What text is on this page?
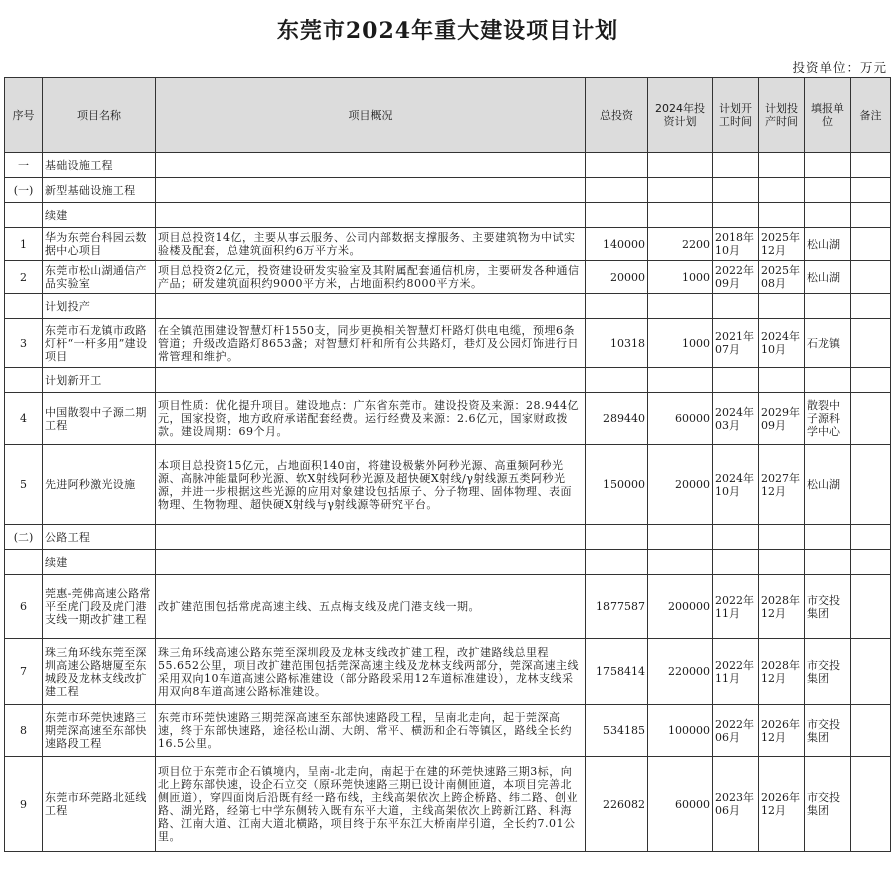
东莞市2024年重大建设项目计划
投资单位：万元
序号	项目名称	项目概况	总投资	2024年投资计划	计划开工时间	计划投产时间	填报单位	备注
一	基础设施工程							
(一)	新型基础设施工程							
	续建							
1	华为东莞台科园云数据中心项目	项目总投资14亿，主要从事云服务、公司内部数据支撑服务、主要建筑物为中试实验楼及配套，总建筑面积约6万平方米。	140000	2200	2018年10月	2025年12月	松山湖	
2	东莞市松山湖通信产品实验室	项目总投资2亿元，投资建设研发实验室及其附属配套通信机房，主要研发各种通信产品；研发建筑面积约9000平方米，占地面积约8000平方米。	20000	1000	2022年09月	2025年08月	松山湖	
	计划投产							
3	东莞市石龙镇市政路灯杆“一杆多用”建设项目	在全镇范围建设智慧灯杆1550支，同步更换相关智慧灯杆路灯供电电缆，预埋6条管道；升级改造路灯8653盏；对智慧灯杆和所有公共路灯，巷灯及公园灯饰进行日常管理和维护。	10318	1000	2021年07月	2024年10月	石龙镇	
	计划新开工							
4	中国散裂中子源二期工程	项目性质：优化提升项目。建设地点：广东省东莞市。建设投资及来源：28.944亿元，国家投资，地方政府承诺配套经费。运行经费及来源：2.6亿元，国家财政拨款。建设周期：69个月。	289440	60000	2024年03月	2029年09月	散裂中子源科学中心	
5	先进阿秒激光设施	本项目总投资15亿元，占地面积140亩，将建设极紫外阿秒光源、高重频阿秒光源、高脉冲能量阿秒光源、软X射线阿秒光源及超快硬X射线/γ射线源五类阿秒光源，并进一步根据这些光源的应用对象建设包括原子、分子物理、固体物理、表面物理、生物物理、超快硬X射线与γ射线源等研究平台。	150000	20000	2024年10月	2027年12月	松山湖	
(二)	公路工程							
	续建							
6	莞惠-莞佛高速公路常平至虎门段及虎门港支线一期改扩建工程	改扩建范围包括常虎高速主线、五点梅支线及虎门港支线一期。	1877587	200000	2022年11月	2028年12月	市交投集团	
7	珠三角环线东莞至深圳高速公路塘厦至东城段及龙林支线改扩建工程	珠三角环线高速公路东莞至深圳段及龙林支线改扩建工程，改扩建路线总里程55.652公里，项目改扩建范围包括莞深高速主线及龙林支线两部分，莞深高速主线采用双向10车道高速公路标准建设（部分路段采用12车道标准建设），龙林支线采用双向8车道高速公路标准建设。	1758414	220000	2022年11月	2028年12月	市交投集团	
8	东莞市环莞快速路三期莞深高速至东部快速路段工程	东莞市环莞快速路三期莞深高速至东部快速路段工程，呈南北走向，起于莞深高速，终于东部快速路，途径松山湖、大朗、常平、横沥和企石等镇区，路线全长约16.5公里。	534185	100000	2022年06月	2026年12月	市交投集团	
9	东莞市环莞路北延线工程	项目位于东莞市企石镇境内，呈南-北走向，南起于在建的环莞快速路三期3标，向北上跨东部快速，设企石立交（原环莞快速路三期已设计南侧匝道，本项目完善北侧匝道），穿四面岗后沿既有经一路布线，主线高架依次上跨企桥路、纬二路、创业路、湖光路，经第七中学东侧转入既有东平大道，主线高架依次上跨新江路、科海路、江南大道、江南大道北横路，项目终于东平东江大桥南岸引道，全长约7.01公里。	226082	60000	2023年06月	2026年12月	市交投集团	
